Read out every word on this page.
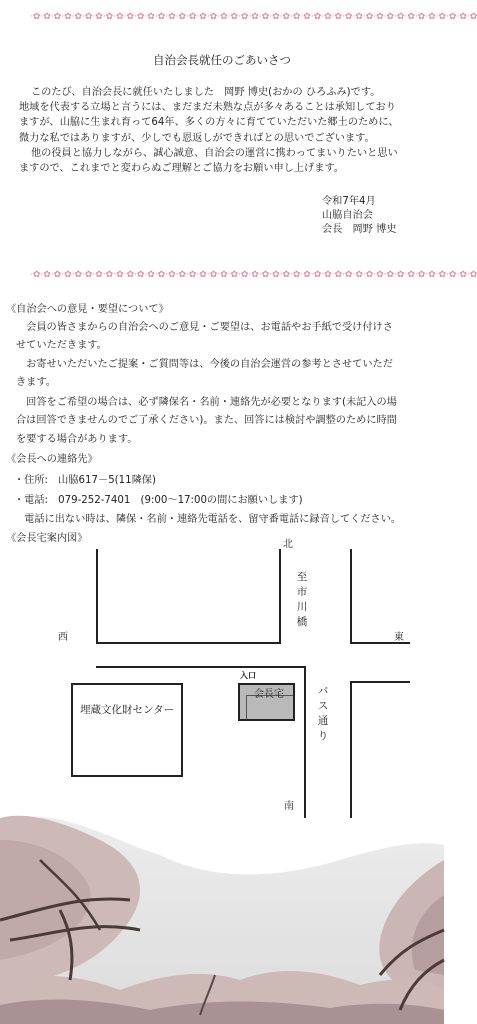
·✿·✿·✿·✿·✿·✿·✿·✿·✿·✿·✿·✿·✿·✿·✿·✿·✿·✿·✿·✿·✿·✿·✿·✿·✿·✿·✿·✿·✿·✿·✿·✿·✿·✿·✿·✿·✿·✿·✿·✿·✿·✿·✿
·✿·✿·✿·✿·✿·✿·✿·✿·✿·✿·✿·✿·✿·✿·✿·✿·✿·✿·✿·✿·✿·✿·✿·✿·✿·✿·✿·✿·✿·✿·✿·✿·✿·✿·✿·✿·✿·✿·✿·✿·✿·✿·✿
自治会長就任のごあいさつ
このたび、自治会長に就任いたしました　岡野 博史(おかの ひろふみ)です。
地域を代表する立場と言うには、まだまだ未熟な点が多々あることは承知しており
ますが、山脇に生まれ育って64年、多くの方々に育てていただいた郷土のために、
微力な私ではありますが、少しでも恩返しができればとの思いでございます。
他の役員と協力しながら、誠心誠意、自治会の運営に携わってまいりたいと思い
ますので、これまでと変わらぬご理解とご協力をお願い申し上げます。
令和7年4月
山脇自治会
会長　岡野 博史
《自治会への意見・要望について》
　会員の皆さまからの自治会へのご意見・ご要望は、お電話やお手紙で受け付けさ
せていただきます。
　お寄せいただいたご提案・ご質問等は、今後の自治会運営の参考とさせていただ
きます。
　回答をご希望の場合は、必ず隣保名・名前・連絡先が必要となります(未記入の場
合は回答できませんのでご了承ください)。また、回答には検討や調整のために時間
を要する場合があります。
《会長への連絡先》
・住所:　山脇617－5(11隣保)
・電話:　079-252-7401　(9:00～17:00の間にお願いします)
　電話に出ない時は、隣保・名前・連絡先電話を、留守番電話に録音してください。
《会長宅案内図》
埋蔵文化財センター
会長宅
入口
北
南
西	東
至市川橋
バス通り
